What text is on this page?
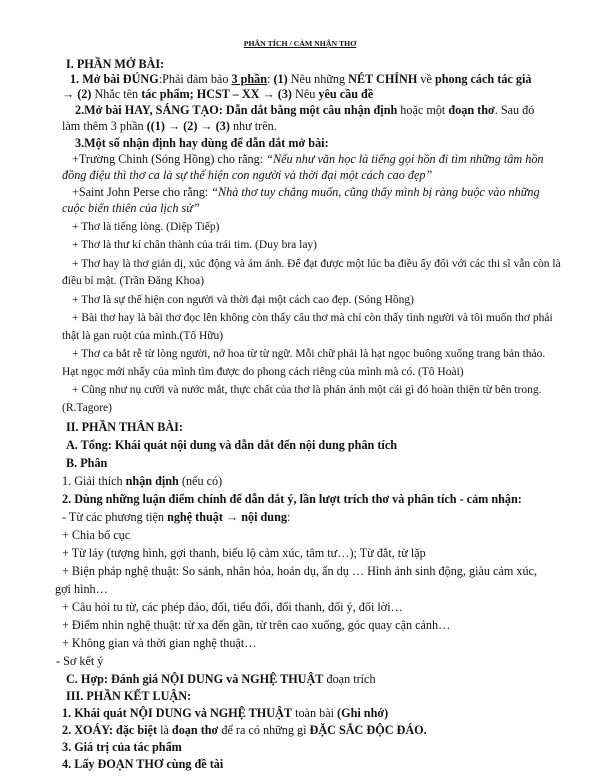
PHÂN TÍCH / CẢM NHẬN THƠ
I. PHẦN MỞ BÀI:
1. Mở bài ĐÚNG:Phải đảm bảo 3 phần: (1) Nêu những NÉT CHÍNH về phong cách tác giả
→ (2) Nhắc tên tác phẩm; HCST – XX → (3) Nêu yêu cầu đề
2.Mở bài HAY, SÁNG TẠO: Dẫn dắt bằng một câu nhận định hoặc một đoạn thơ. Sau đó
làm thêm 3 phần ((1) → (2) → (3) như trên.
3.Một số nhận định hay dùng để dẫn dắt mở bài:
+Trường Chinh (Sóng Hồng) cho rằng: “Nếu như văn học là tiếng gọi hồn đi tìm những tâm hồn
đồng điệu thì thơ ca là sự thể hiện con người và thời đại một cách cao đẹp”
+Saint John Perse cho rằng: “Nhà thơ tuy chẳng muốn, cũng thấy mình bị ràng buộc vào những
cuộc biến thiên của lịch sử”
+ Thơ là tiếng lòng. (Diệp Tiếp)
+ Thơ là thư kí chân thành của trái tim. (Duy bra lay)
+ Thơ hay là thơ giản dị, xúc động và ám ảnh. Để đạt được một lúc ba điều ấy đối với các thi sĩ vẫn còn là
điều bí mật. (Trần Đăng Khoa)
+ Thơ là sự thể hiện con người và thời đại một cách cao đẹp. (Sóng Hồng)
+ Bài thơ hay là bài thơ đọc lên không còn thấy câu thơ mà chỉ còn thấy tình người và tôi muốn thơ phải
thật là gan ruột của mình.(Tố Hữu)
+ Thơ ca bắt rễ từ lòng người, nở hoa từ từ ngữ. Mỗi chữ phải là hạt ngọc buông xuống trang bản thảo.
Hạt ngọc mới nhấy của mình tìm được do phong cách riêng của mình mà có. (Tô Hoài)
+ Cũng như nụ cười và nước mắt, thực chất của thơ là phản ánh một cái gì đó hoàn thiện từ bên trong.
(R.Tagore)
II. PHẦN THÂN BÀI:
A. Tổng: Khái quát nội dung và dẫn dắt đến nội dung phân tích
B. Phân
1. Giải thích nhận định (nếu có)
2. Dùng những luận điểm chính để dẫn dắt ý, lần lượt trích thơ và phân tích - cảm nhận:
- Từ các phương tiện nghệ thuật → nội dung:
+ Chia bố cục
+ Từ láy (tượng hình, gợi thanh, biểu lộ cảm xúc, tâm tư…); Từ đắt, từ lặp
+ Biện pháp nghệ thuật: So sánh, nhân hóa, hoán dụ, ẩn dụ … Hình ảnh sinh động, giàu cảm xúc,
gợi hình…
+ Câu hỏi tu từ, các phép đảo, đối, tiểu đối, đối thanh, đối ý, đối lời…
+ Điểm nhìn nghệ thuật: từ xa đến gần, từ trên cao xuống, góc quay cận cảnh…
+ Không gian và thời gian nghệ thuật…
- Sơ kết ý
C. Hợp: Đánh giá NỘI DUNG và NGHỆ THUẬT đoạn trích
III. PHẦN KẾT LUẬN:
1. Khái quát NỘI DUNG và NGHỆ THUẬT toàn bài (Ghi nhớ)
2. XOÁY: đặc biệt là đoạn thơ để ra có những gì ĐẶC SẮC ĐỘC ĐÁO.
3. Giá trị của tác phẩm
4. Lấy ĐOẠN THƠ cùng đề tài
